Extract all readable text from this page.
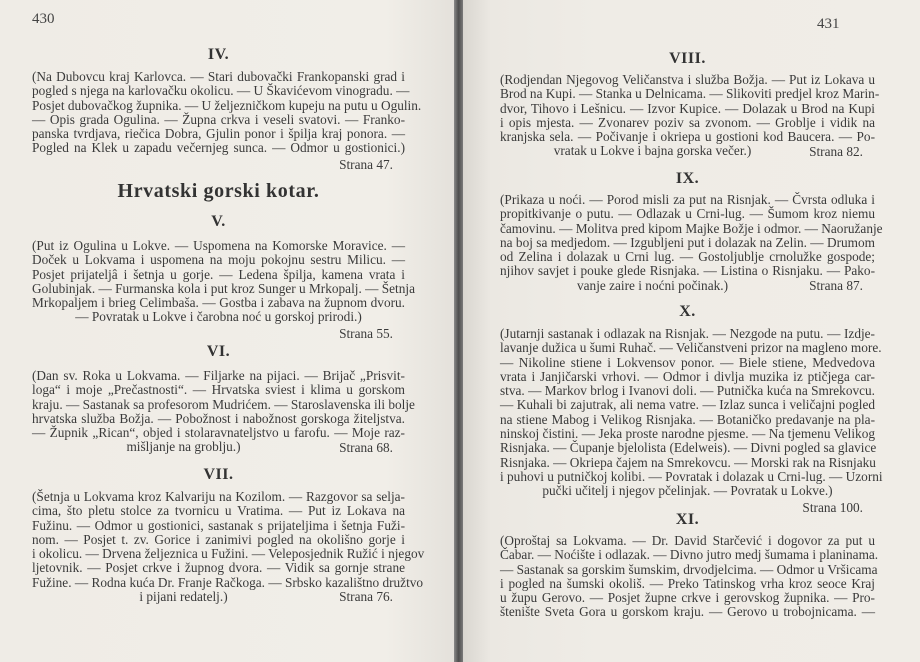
430
Hrvatski gorski kotar.
IV.
(Na Dubovcu kraj Karlovca. — Stari dubovački Frankopanski grad i
pogled s njega na karlovačku okolicu. — U Škavićevom vinogradu. —
Posjet dubovačkog župnika. — U željezničkom kupeju na putu u Ogulin.
— Opis grada Ogulina. — Župna crkva i veseli svatovi. — Franko-
panska tvrdjava, riečica Dobra, Gjulin ponor i špilja kraj ponora. —
Pogled na Klek u zapadu večernjeg sunca. — Odmor u gostionici.)
Strana 47.
V.
(Put iz Ogulina u Lokve. — Uspomena na Komorske Moravice. —
Doček u Lokvama i uspomena na moju pokojnu sestru Milicu. —
Posjet prijateljâ i šetnja u gorje. — Ledena špilja, kamena vrata i
Golubinjak. — Furmanska kola i put kroz Sunger u Mrkopalj. — Šetnja
Mrkopaljem i brieg Celimbaša. — Gostba i zabava na župnom dvoru.
— Povratak u Lokve i čarobna noć u gorskoj prirodi.)
Strana 55.
VI.
(Dan sv. Roka u Lokvama. — Filjarke na pijaci. — Brijač „Prisvit-
loga“ i moje „Prečastnosti“. — Hrvatska sviest i klima u gorskom
kraju. — Sastanak sa profesorom Mudrićem. — Staroslavenska ili bolje
hrvatska služba Božja. — Pobožnost i nabožnost gorskoga žiteljstva.
— Župnik „Rican“, objed i stolaravnateljstvo u farofu. — Moje raz-
mišljanje na groblju.)	Strana 68.
VII.
(Šetnja u Lokvama kroz Kalvariju na Kozilom. — Razgovor sa selja-
cima, što pletu stolce za tvornicu u Vratima. — Put iz Lokava na
Fužinu. — Odmor u gostionici, sastanak s prijateljima i šetnja Fuži-
nom. — Posjet t. zv. Gorice i zanimivi pogled na okolišno gorje i
i okolicu. — Drvena željeznica u Fužini. — Veleposjednik Ružić i njegov
ljetovnik. — Posjet crkve i župnog dvora. — Vidik sa gornje strane
Fužine. — Rodna kuća Dr. Franje Račkoga. — Srbsko kazalištno družtvo
i pijani redatelj.)	Strana 76.
431
VIII.
(Rodjendan Njegovog Veličanstva i služba Božja. — Put iz Lokava u
Brod na Kupi. — Stanka u Delnicama. — Slikoviti predjel kroz Marin-
dvor, Tihovo i Lešnicu. — Izvor Kupice. — Dolazak u Brod na Kupi
i opis mjesta. — Zvonarev poziv sa zvonom. — Groblje i vidik na
kranjska sela. — Počivanje i okriepa u gostioni kod Baucera. — Po-
vratak u Lokve i bajna gorska večer.)	Strana 82.
IX.
(Prikaza u noći. — Porod misli za put na Risnjak. — Čvrsta odluka i
propitkivanje o putu. — Odlazak u Crni-lug. — Šumom kroz niemu
čamovinu. — Molitva pred kipom Majke Božje i odmor. — Naoružanje
na boj sa medjedom. — Izgubljeni put i dolazak na Zelin. — Drumom
od Zelina i dolazak u Crni lug. — Gostoljublje crnolužke gospode;
njihov savjet i pouke glede Risnjaka. — Listina o Risnjaku. — Pako-
vanje zaire i noćni počinak.)	Strana 87.
X.
(Jutarnji sastanak i odlazak na Risnjak. — Nezgode na putu. — Izdje-
lavanje dužica u šumi Ruhač. — Veličanstveni prizor na magleno more.
— Nikoline stiene i Lokvensov ponor. — Biele stiene, Medvedova
vrata i Janjičarski vrhovi. — Odmor i divlja muzika iz ptičjega car-
stva. — Markov brlog i Ivanovi doli. — Putnička kuća na Smrekovcu.
— Kuhali bi zajutrak, ali nema vatre. — Izlaz sunca i veličajni pogled
na stiene Mabog i Velikog Risnjaka. — Botaničko predavanje na pla-
ninskoj čistini. — Jeka proste narodne pjesme. — Na tjemenu Velikog
Risnjaka. — Čupanje bjelolista (Edelweis). — Divni pogled sa glavice
Risnjaka. — Okriepa čajem na Smrekovcu. — Morski rak na Risnjaku
i puhovi u putničkoj kolibi. — Povratak i dolazak u Crni-lug. — Uzorni
pučki učitelj i njegov pčelinjak. — Povratak u Lokve.)
Strana 100.
XI.
(Oproštaj sa Lokvama. — Dr. David Starčević i dogovor za put u
Čabar. — Noćište i odlazak. — Divno jutro medj šumama i planinama.
— Sastanak sa gorskim šumskim, drvodjelcima. — Odmor u Vršicama
i pogled na šumski okoliš. — Preko Tatinskog vrha kroz seoce Kraj
u župu Gerovo. — Posjet župne crkve i gerovskog župnika. — Pro-
štenište Sveta Gora u gorskom kraju. — Gerovo u trobojnicama. —
